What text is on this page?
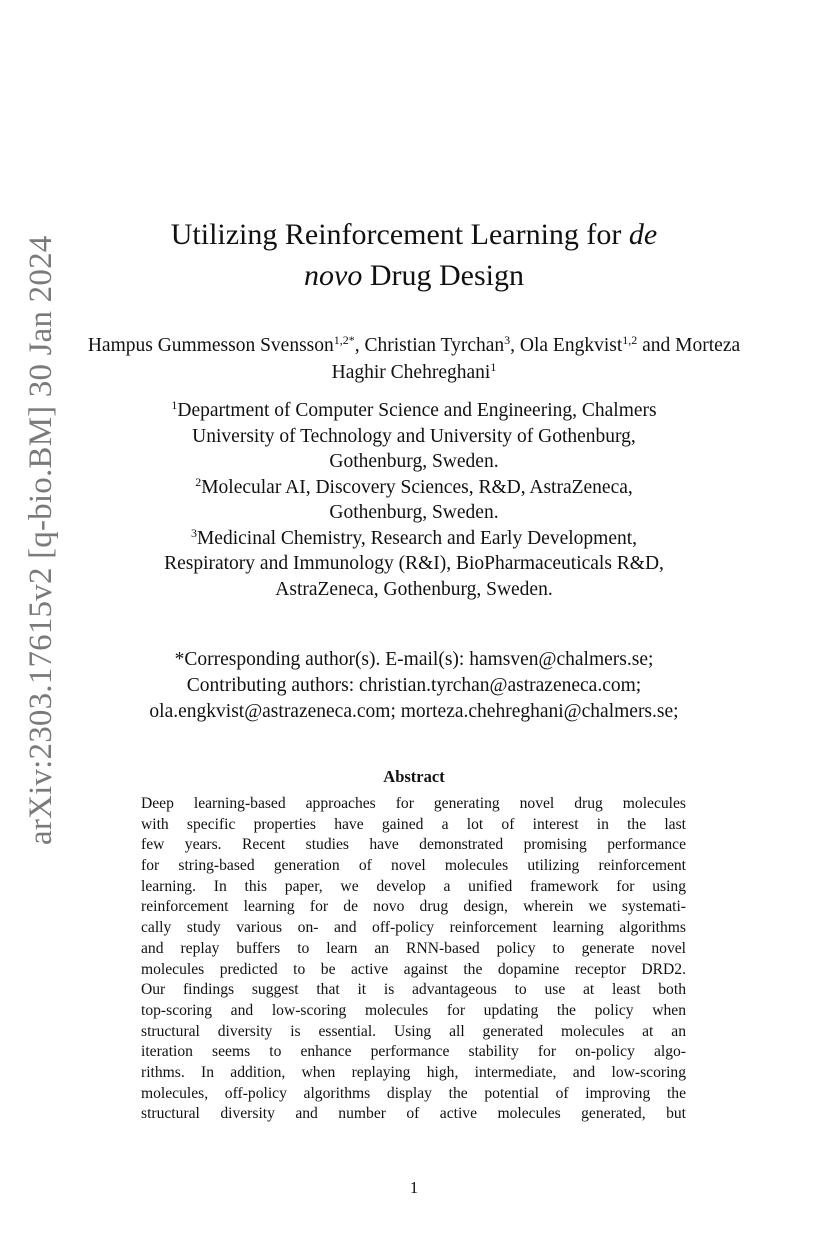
arXiv:2303.17615v2 [q-bio.BM] 30 Jan 2024
Utilizing Reinforcement Learning for de
novo Drug Design
Hampus Gummesson Svensson$^{1,2*}$, Christian Tyrchan$^3$, Ola Engkvist$^{1,2}$ and Morteza Haghir Chehreghani$^1$
$^1$Department of Computer Science and Engineering, Chalmers
University of Technology and University of Gothenburg,
Gothenburg, Sweden.
$^2$Molecular AI, Discovery Sciences, R&D, AstraZeneca,
Gothenburg, Sweden.
$^3$Medicinal Chemistry, Research and Early Development,
Respiratory and Immunology (R&I), BioPharmaceuticals R&D,
AstraZeneca, Gothenburg, Sweden.
*Corresponding author(s). E-mail(s): hamsven@chalmers.se;
Contributing authors: christian.tyrchan@astrazeneca.com;
ola.engkvist@astrazeneca.com; morteza.chehreghani@chalmers.se;
Abstract
Deep learning-based approaches for generating novel drug molecules
with specific properties have gained a lot of interest in the last
few years. Recent studies have demonstrated promising performance
for string-based generation of novel molecules utilizing reinforcement
learning. In this paper, we develop a unified framework for using
reinforcement learning for de novo drug design, wherein we systemati-
cally study various on- and off-policy reinforcement learning algorithms
and replay buffers to learn an RNN-based policy to generate novel
molecules predicted to be active against the dopamine receptor DRD2.
Our findings suggest that it is advantageous to use at least both
top-scoring and low-scoring molecules for updating the policy when
structural diversity is essential. Using all generated molecules at an
iteration seems to enhance performance stability for on-policy algo-
rithms. In addition, when replaying high, intermediate, and low-scoring
molecules, off-policy algorithms display the potential of improving the
structural diversity and number of active molecules generated, but
1
